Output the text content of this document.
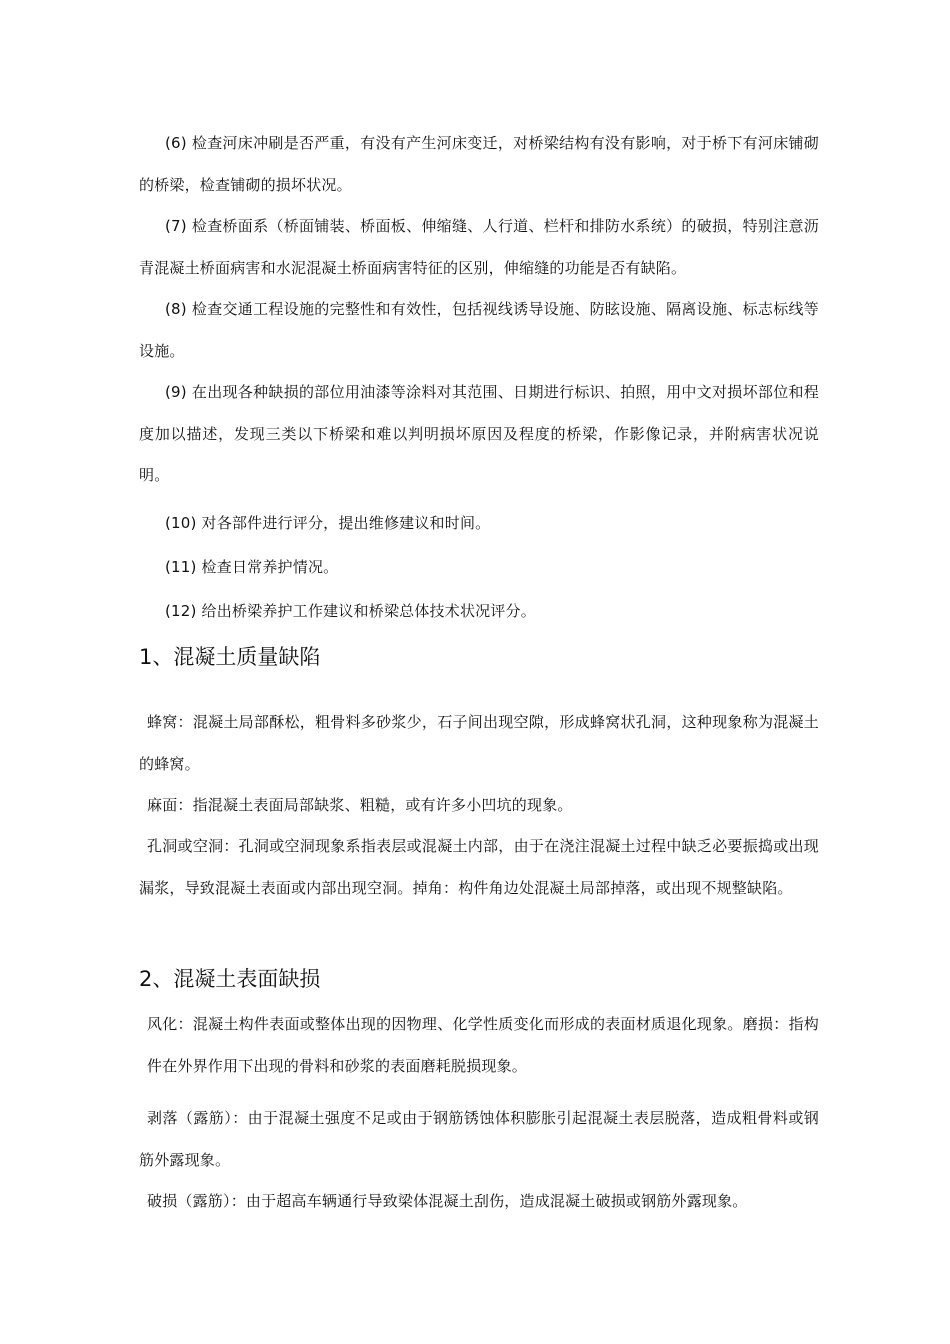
(6) 检查河床冲刷是否严重，有没有产生河床变迁，对桥梁结构有没有影响，对于桥下有河床铺砌的桥梁，检查铺砌的损坏状况。

(7) 检查桥面系（桥面铺装、桥面板、伸缩缝、人行道、栏杆和排防水系统）的破损，特别注意沥青混凝土桥面病害和水泥混凝土桥面病害特征的区别，伸缩缝的功能是否有缺陷。

(8) 检查交通工程设施的完整性和有效性，包括视线诱导设施、防眩设施、隔离设施、标志标线等设施。

(9) 在出现各种缺损的部位用油漆等涂料对其范围、日期进行标识、拍照，用中文对损坏部位和程度加以描述，发现三类以下桥梁和难以判明损坏原因及程度的桥梁，作影像记录，并附病害状况说明。

(10) 对各部件进行评分，提出维修建议和时间。

(11) 检查日常养护情况。

(12) 给出桥梁养护工作建议和桥梁总体技术状况评分。

1、混凝土质量缺陷

蜂窝：混凝土局部酥松，粗骨料多砂浆少，石子间出现空隙，形成蜂窝状孔洞，这种现象称为混凝土的蜂窝。

麻面：指混凝土表面局部缺浆、粗糙，或有许多小凹坑的现象。

孔洞或空洞：孔洞或空洞现象系指表层或混凝土内部，由于在浇注混凝土过程中缺乏必要振捣或出现漏浆，导致混凝土表面或内部出现空洞。掉角：构件角边处混凝土局部掉落，或出现不规整缺陷。

2、混凝土表面缺损

风化：混凝土构件表面或整体出现的因物理、化学性质变化而形成的表面材质退化现象。磨损：指构件在外界作用下出现的骨料和砂浆的表面磨耗脱损现象。

剥落（露筋）：由于混凝土强度不足或由于钢筋锈蚀体积膨胀引起混凝土表层脱落，造成粗骨料或钢筋外露现象。

破损（露筋）：由于超高车辆通行导致梁体混凝土刮伤，造成混凝土破损或钢筋外露现象。
